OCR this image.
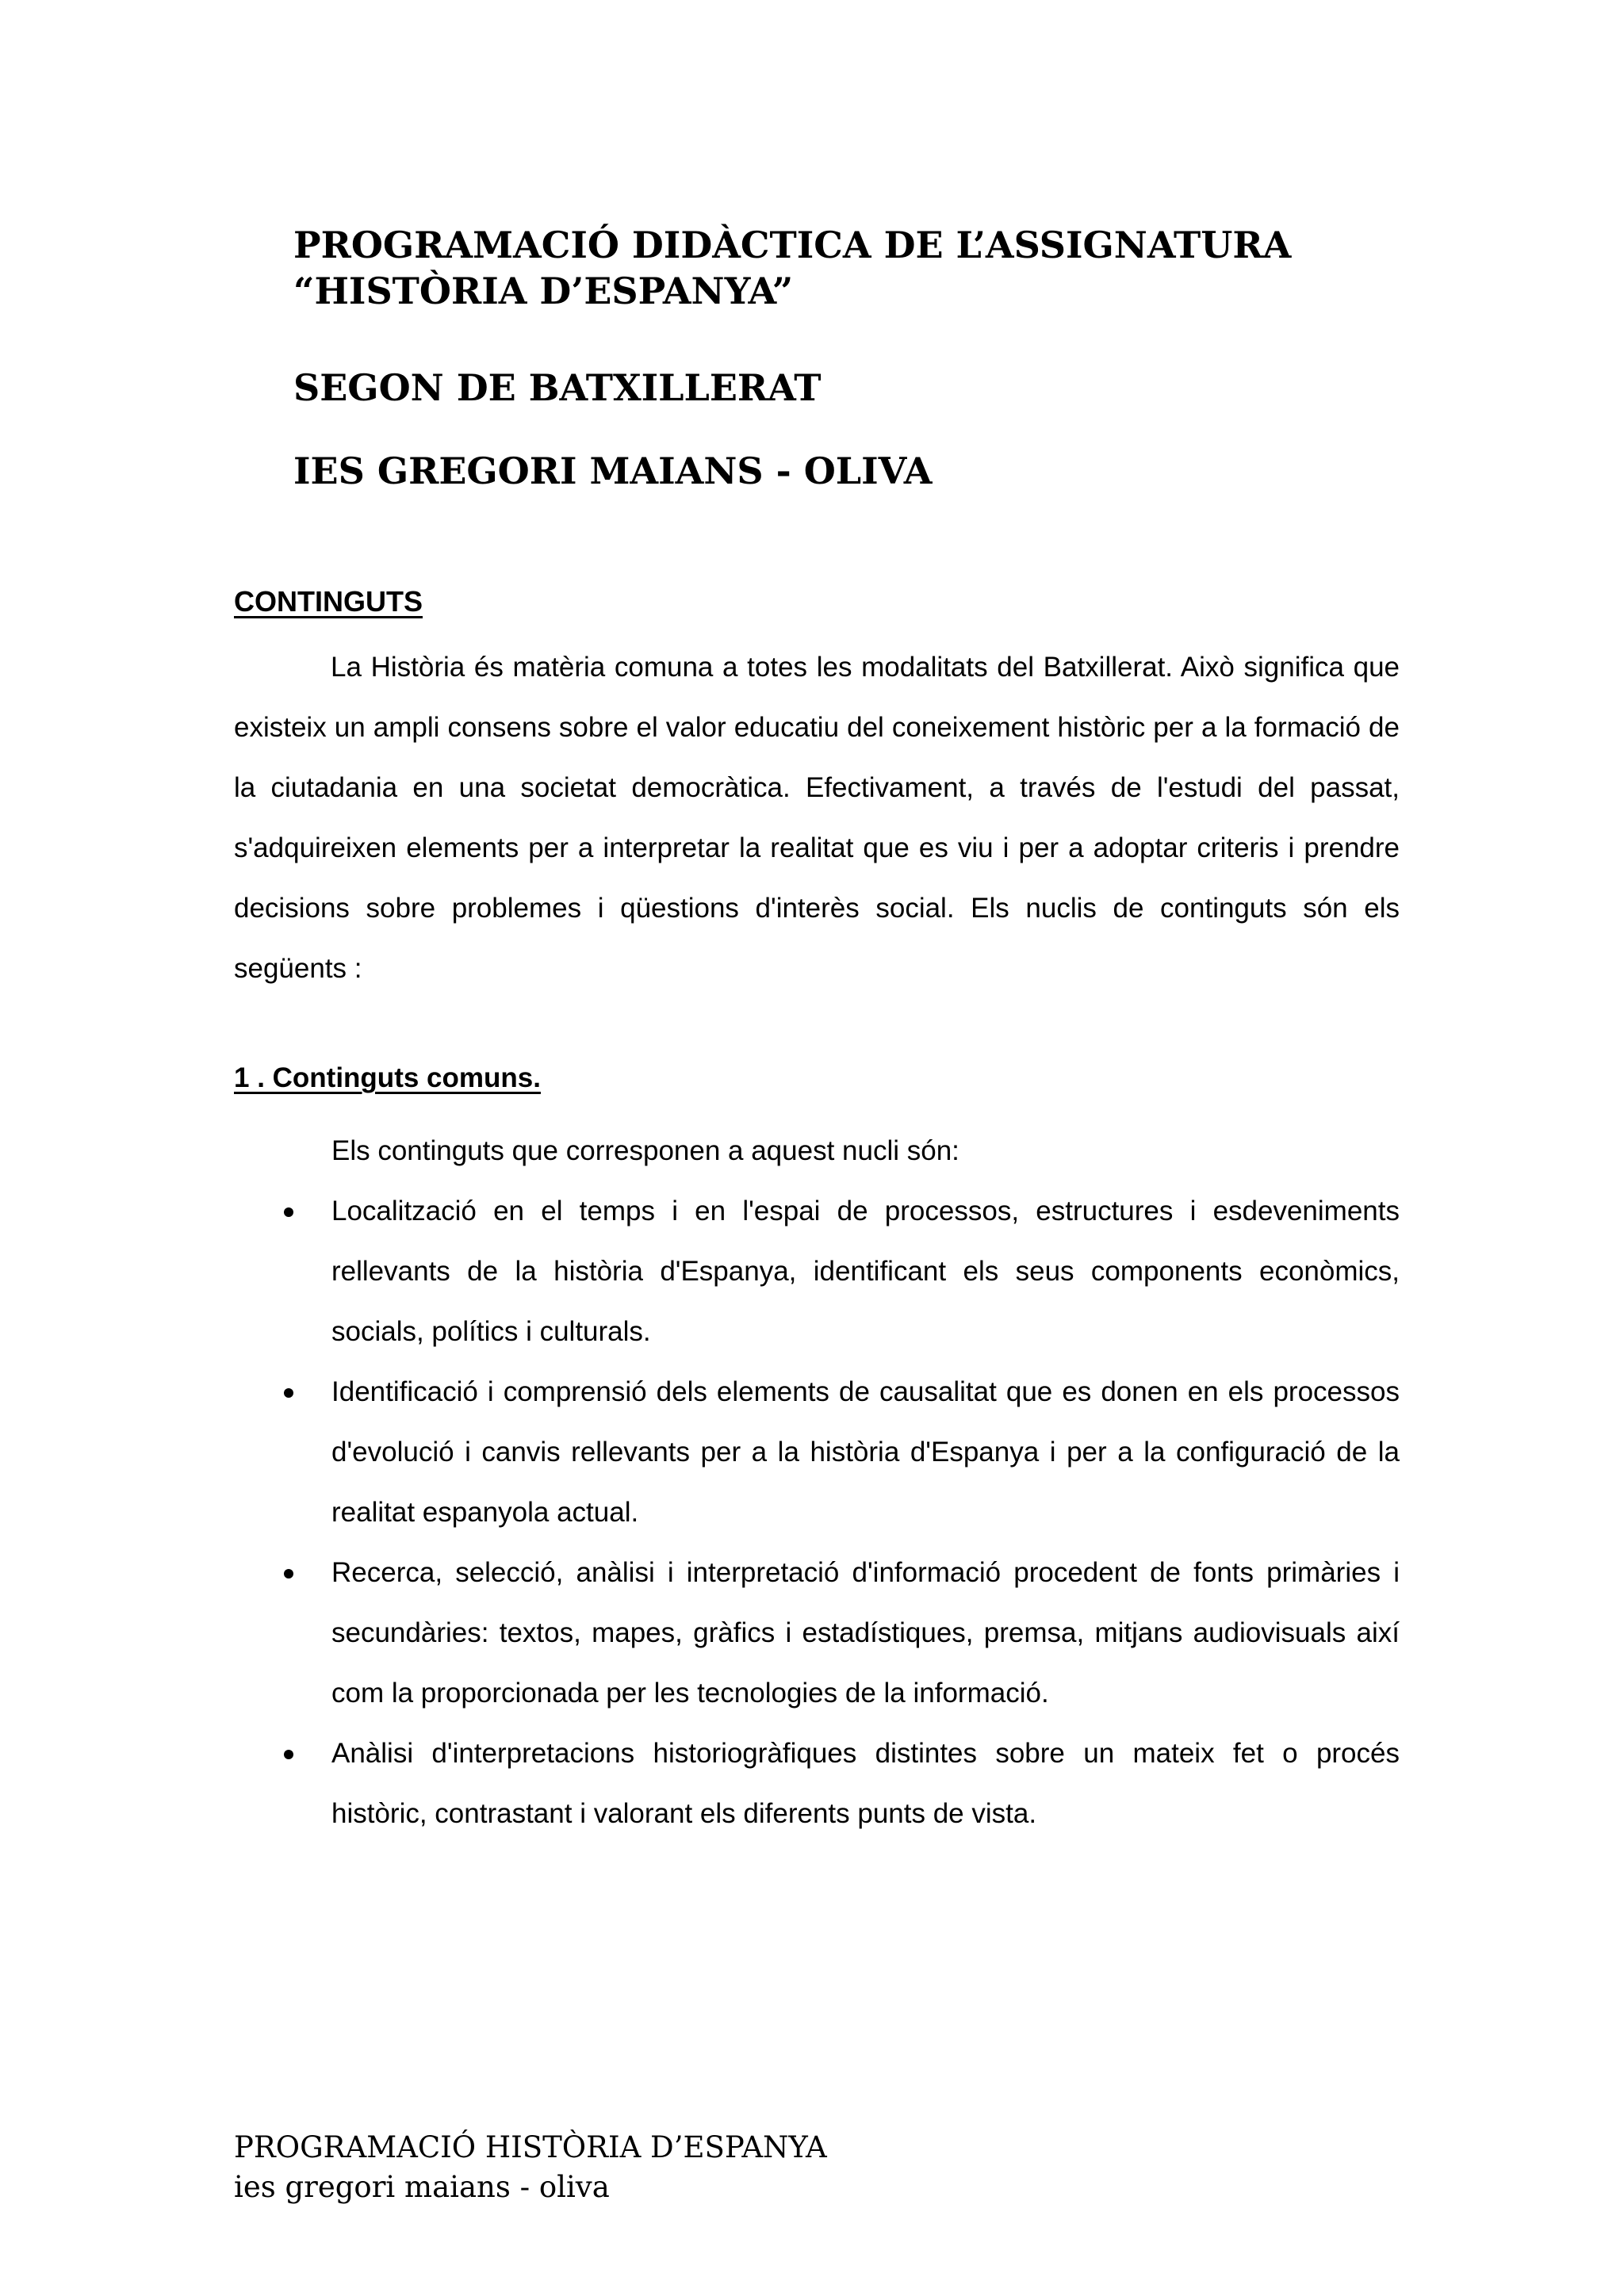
PROGRAMACIÓ DIDÀCTICA DE L’ASSIGNATURA
“HISTÒRIA D’ESPANYA”
SEGON DE BATXILLERAT
IES GREGORI MAIANS - OLIVA
CONTINGUTS

La Història és matèria comuna a totes les modalitats del Batxillerat. Això significa que existeix un ampli consens sobre el valor educatiu del coneixement històric per a la formació de la ciutadania en una societat democràtica. Efectivament, a través de l'estudi del passat, s'adquireixen elements per a interpretar la realitat que es viu i per a adoptar criteris i prendre decisions sobre problemes i qüestions d'interès social. Els nuclis de continguts són els següents :

1 . Continguts comuns.

Els continguts que corresponen a aquest nucli són:

Localització en el temps i en l'espai de processos, estructures i esdeveniments rellevants de la història d'Espanya, identificant els seus components econòmics, socials, polítics i culturals.
Identificació i comprensió dels elements de causalitat que es donen en els processos d'evolució i canvis rellevants per a la història d'Espanya i per a la configuració de la realitat espanyola actual.
Recerca, selecció, anàlisi i interpretació d'informació procedent de fonts primàries i secundàries: textos, mapes, gràfics i estadístiques, premsa, mitjans audiovisuals així com la proporcionada per les tecnologies de la informació.
Anàlisi d'interpretacions historiogràfiques distintes sobre un mateix fet o procés històric, contrastant i valorant els diferents punts de vista.
PROGRAMACIÓ HISTÒRIA D’ESPANYA
ies gregori maians - oliva
